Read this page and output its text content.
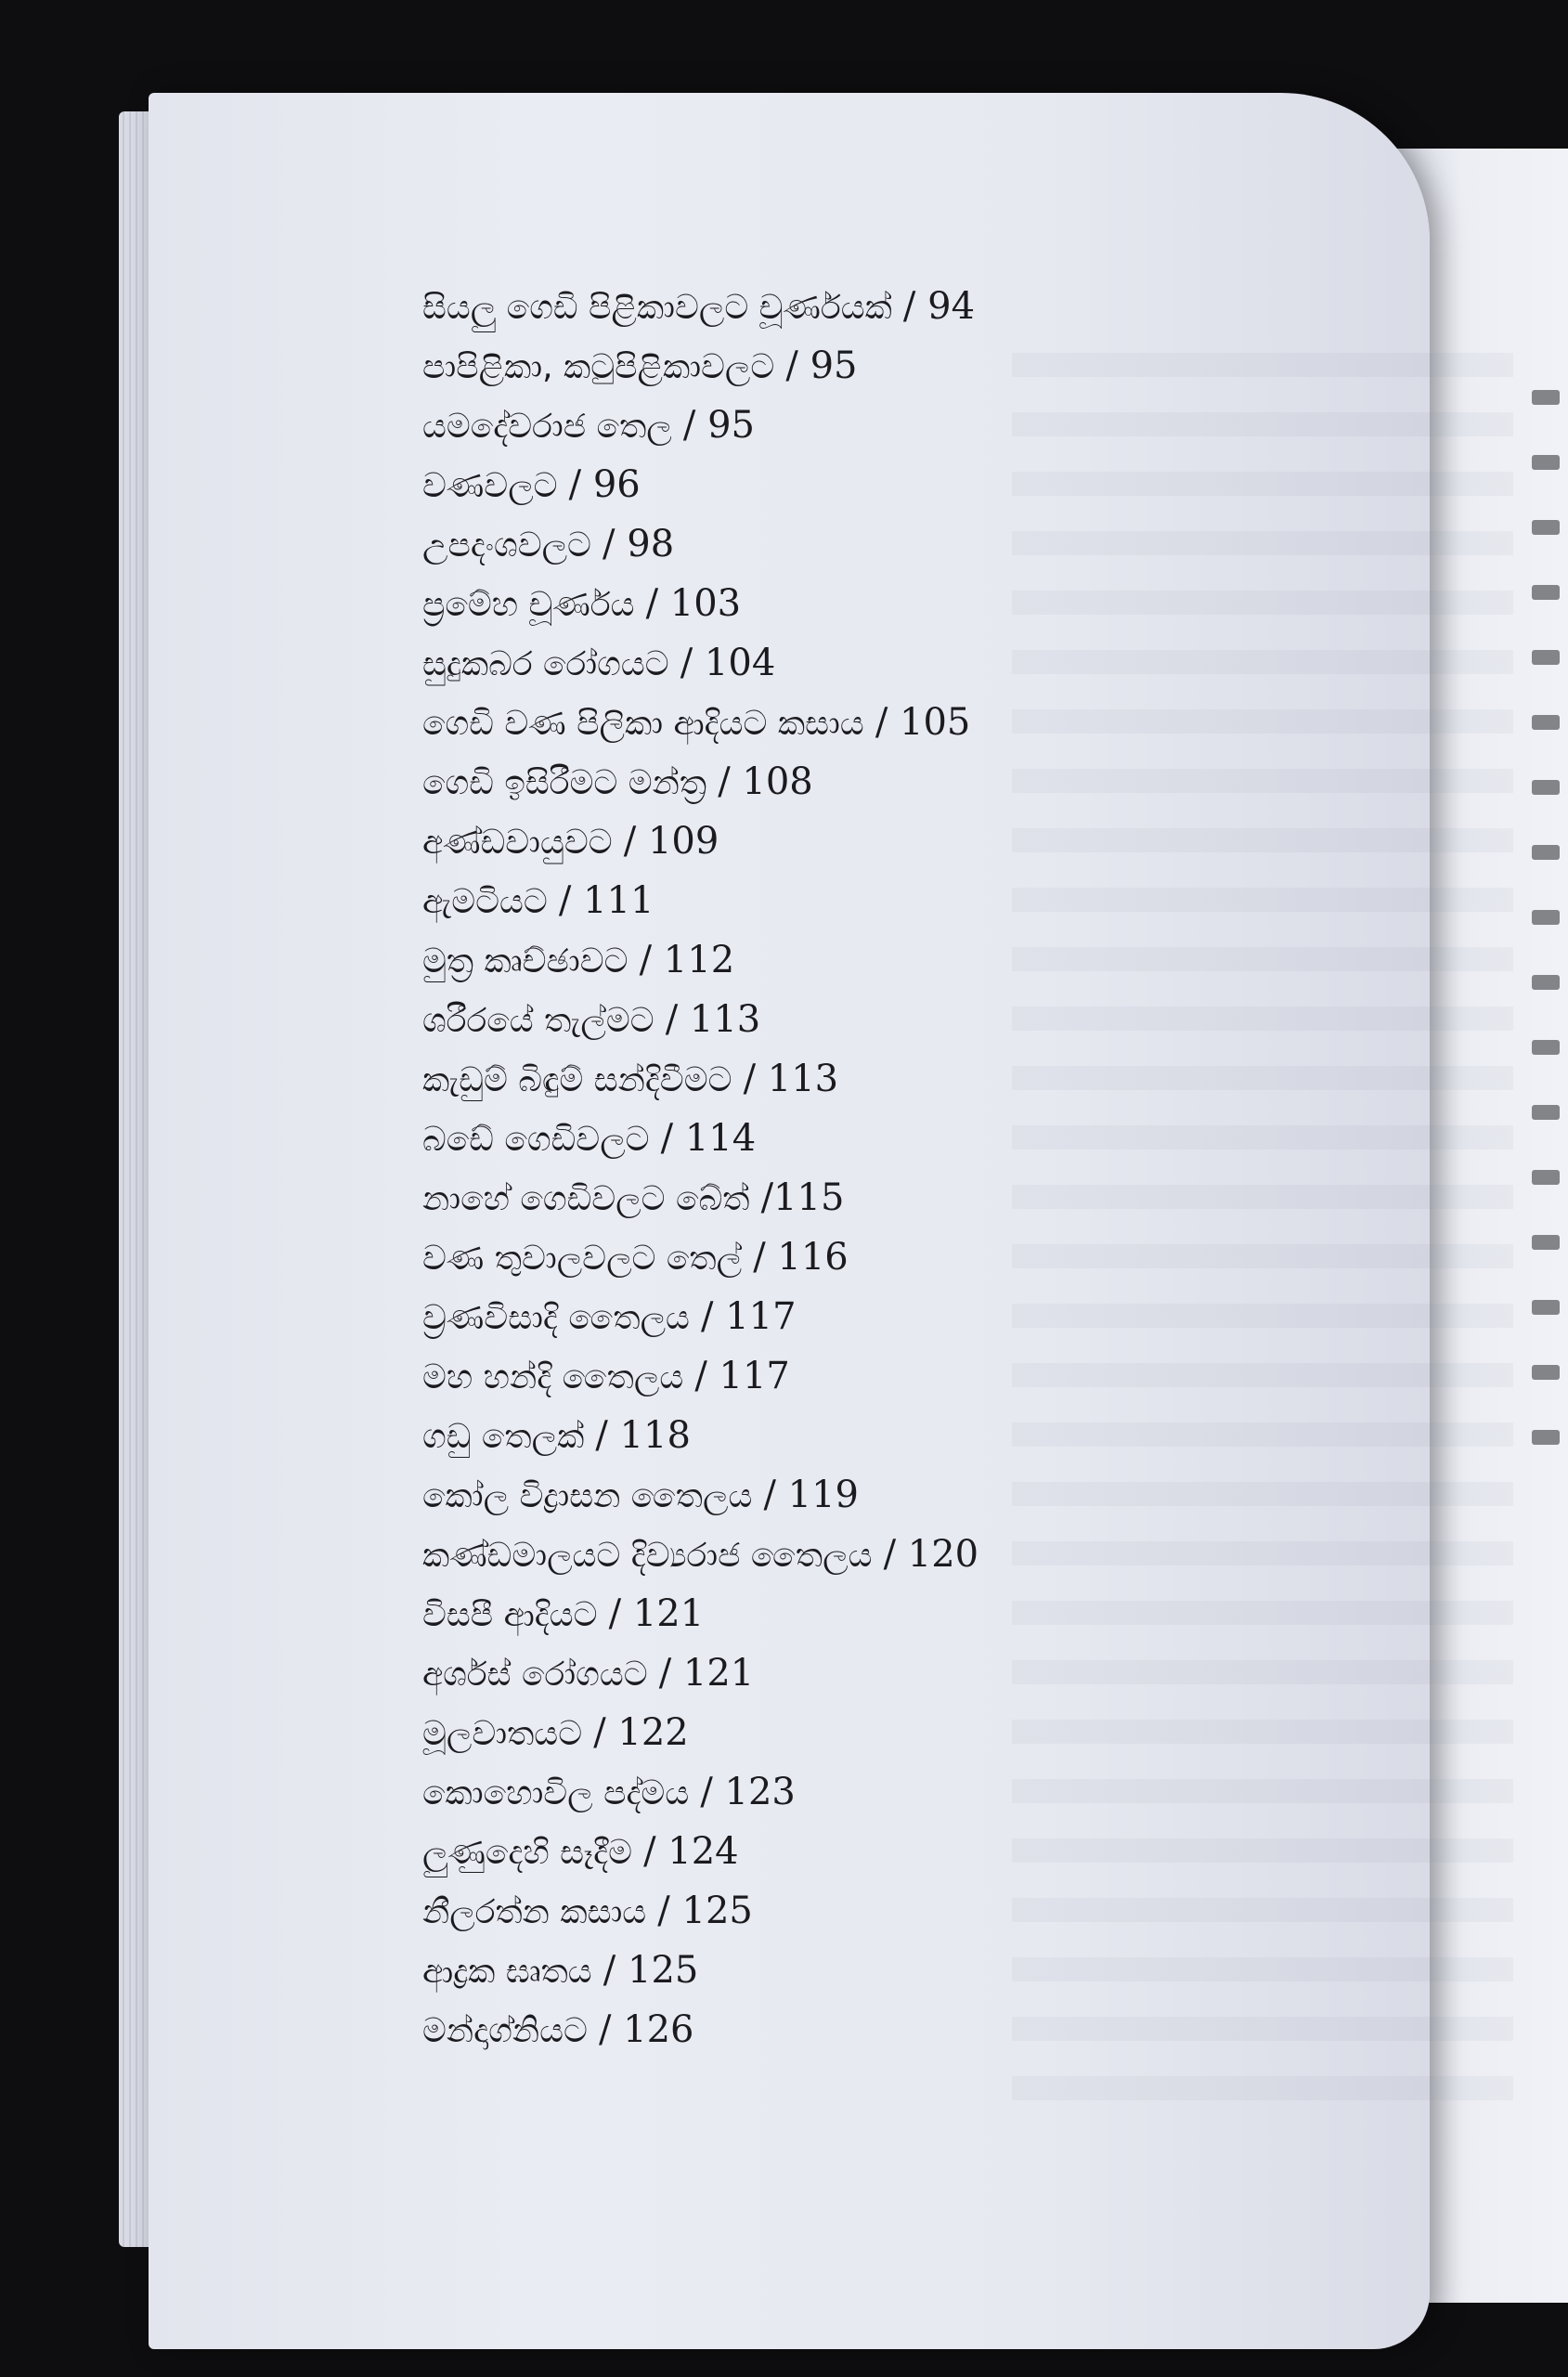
සියලු ගෙඩි පිළිකාවලට චූර්ණයක් / 94
පාපිළිකා, කටුපිළිකාවලට / 95
යමදේවරාජ තෙල / 95
වණවලට / 96
උපදංශවලට / 98
ප්‍රමේහ චූර්ණය / 103
සුදුකබර රෝගයට / 104
ගෙඩි වණ පිලිකා ආදියට කසාය / 105
ගෙඩි ඉසිරීමට මන්ත්‍ර / 108
අණ්ඩවායුවට / 109
ඇමටියට / 111
මුත්‍ර කෘච්ඡාවට / 112
ශරීරයේ තැල්මට / 113
කැඩුම් බිඳුම් සන්දිවීමට / 113
බඩේ ගෙඩිවලට / 114
නාහේ ගෙඩිවලට බේත් /115
වණ තුවාලවලට තෙල් / 116
ව්‍රණවිසාදි තෛලය / 117
මහ හන්දි තෛලය / 117
ගඩු තෙලක් / 118
කෝල විද්‍රාසන තෛලය / 119
කණ්ඩමාලයට දිව්‍යරාජ තෛලය / 120
විසපී ආදියට / 121
අර්ශස් රෝගයට / 121
මූලවාතයට / 122
කොහොවිල පද්මය / 123
ලුණුදෙහි සෑදීම / 124
නීලරත්න කසාය / 125
ආද්‍රක ඝෘතය / 125
මන්දාග්නියට / 126
